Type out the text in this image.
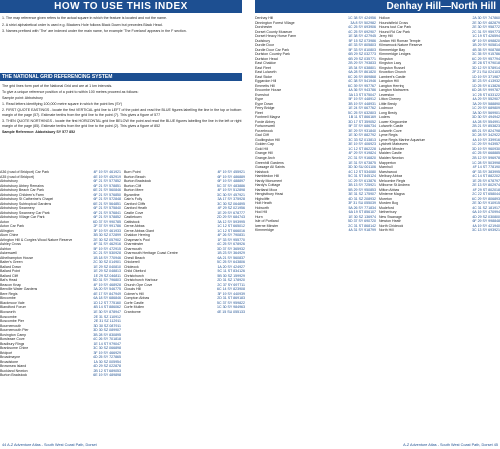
HOW TO USE THIS INDEX

1. The map reference given refers to the actual square in which the feature is located and not the name.

2. A strict alphabetical order is used e.g. Blackers Hole follows Black Down but precedes Black Head.

3. Names prefixed with 'The' are indexed under the main name, for example 'The Foreland' appears in the F section.

THE NATIONAL GRID REFERENCING SYSTEM

The grid lines form part of the National Grid and are at 1 km intervals.

To give a unique reference position of a point to within 100 metres proceed as follows:

Sample point: Abbotsbury

1. Read letters identifying 100,000 metre square in which the point lies (SY)

2. FIRST QUOTE EASTINGS - locate the first VERTICAL grid line to LEFT of the point and read the BLUE figures labelling the line in the top or bottom margin of the page (57). Estimate tenths from the grid line to the point (7). This gives a figure of 577

3. THEN QUOTE NORTHINGS - locate the first HORIZONTAL grid line BELOW the point and read the BLUE figures labelling the line in the left or right margin of the page (85). Estimate tenths from the grid line to the point (2). This gives a figure of 852

Sample Reference: Abbotsbury SY 577 852

A36 (road of Bridport) Car Park	4F 19 SY 461921
A35 (road of Bridport)	4E 19 SY 452919
Abbotsbury	6F 21 SY 577852
Abbotsbury Abbey Remains	6F 21 SY 578851
Abbotsbury Beach Car Park	6E 21 SY 560846
Abbotsbury Children's Farm	6F 21 SY 576850
Abbotsbury St Catherine's Chapel	6F 21 SY 572848
Abbotsbury Subtropical Gardens	6E 21 SY 564851
Abbotsbury Swannery	6F 21 SY 575840
Abbotsbury Swannery Car Park	6F 21 SY 576841
Abbotsbury Village Car Park	6F 21 SY 578852
Acton	6D 37 SY 990785
Acton Car Park	2F 37 SY 991786
Allington	3F 19 SY 461933
Alum Chine	3B 30 SZ 072899
Arlington Hill & Corgies Wood Nature Reserve	2E 30 SZ 057902
Ashley Cross	4F 31 SY 462916
Ashton	5F 19 SY 472915
Askerswell	3C 21 SY 530928
Athelhampton House	1B 18 SY 770946
Baiter's Green	2C 30 SZ 014901
Ballard Down	1E 29 SZ 040810
Ballard Point	1E 29 SZ 048813
Ballard Cliff	1E 29 SZ 046811
Bat's Head	5D 31 SY 796803
Beacon Knap	4F 19 SY 468928
Benville Water Gardens	3A 20 SY 546775
Bere Regis	4E 17 SY 847949
Bincombe	6A 18 SY 686846
Blackmoor Vale	1D 12 ST 775160
Blandford Forum	4B 14 ST 886062
Bloxworth	1E 30 SY 878947
Boscombe	2E 31 SZ 110912
Boscombe Pier	2E 31 SZ 112911
Bournemouth	3D 30 SZ 087911
Bournemouth Pier	3D 30 SZ 089907
Bovington Camp	3B 28 SY 830895
Bowleaze Cove	4C 26 SY 701818
Bradbury Rings	1E 14 ST 979047
Branksome Chine	3C 30 SZ 066898
Bridport	3F 19 SY 466929
Broadmayne	4D 25 SY 727865
Broadstone	1A 30 SZ 005954
Brownsea Island	4D 29 SZ 022878
Buckland Newton	2B 12 ST 689053
Burton Bradstock	6E 19 SY 489898
Burn Point	4F 19 SY 455921
Burton Beach	6F 19 SY 486889
Burton Bradstock	6F 19 SY 488897
Burton Cliff	5C 37 SY 483886
Burton Mere	4F 19 SY 512898
Byzantine	3C 30 SY 457921
Cain's Folly	3A 17 SY 375928
Canford Cliffs	3C 30 SZ 064895
Canford Heath	4F 29 SZ 021956
Castle Cove	1E 29 SY 678777
Castletown	2D 29 SY 684743
Cattistock	3A 12 SY 593995
Cerne Abbas	1C 12 ST 665012
Cerne Abbas Giant	1C 12 ST 666016
Chaldon Herring	4F 26 SY 790831
Chapman's Pool	1F 33 SY 955770
Charminster	4C 25 SY 678926
Charmouth	3D 37 SY 365932
Charmouth Heritage Coast Centre	1B 23 SY 364929
Chesil Beach	6A 21 SY 560837
Chickerell	5C 25 SY 643806
Chideock	1A 20 SY 424927
Child Okeford	5C 11 ST 834126
Christchurch	5B 30 SZ 159929
Christchurch Harbour	2D 31 SZ 178920
Church Ope Cove	2C 37 SY 697711
Clouds Hill	6C 14 SY 823908
Colmer's Hill	3F 19 SY 440939
Compton Abbas	2D 31 ST 869183
Corfe Castle	5C 37 SY 959822
Corfe Mullen	1C 30 SY 984963
Cranborne	4E 15 SU 055133
44 A-Z Adventure Atlas - South West Coast Path, Dorset
Denhay Hill—North Hill
Denhay Hill	1C 38 SY 424956
Dinnington Forest Village	3A 8 SY 502982
Dorchester	4C 25 SY 693906
Dorset County Museum	4C 25 SY 692907
Dorset Heavy Horse Farm	1E 38 SY 427945
Dudsbury	5F 15 SZ 073986
Durdle Door	4E 33 SY 805803
Durdle Door Car Park	5F 33 SY 810803
Durlston Country Park	6B 29 SZ 032773
Durlston Head	6B 29 SZ 035771
East Chaldon	2B 29 SY 793833
East Fleet	1B 34 SY 638801
East Lulworth	6A 28 SY 861820
East Stoke	6C 26 SY 869868
Eggardon Hill	4C 38 SY 541946
Emmetts Hill	6C 39 SY 957767
Encombe House	4A 36 SY 943786
Evershot	3A 13 ST 575047
Eype	5F 19 SY 448912
Eype Down	3B 19 SY 448931
Ferry Bridge	1E 24 SY 667762
Fleet	5C 25 SY 632803
Fontmell Magna	1B 11 ST 866169
Forde Abbey	3D 17 ST 359052
Fortuneswell	5F 37 SY 686734
Furzebrook	3E 29 SY 931840
Gad Cliff	1E 30 SY 882792
Godlingston Hill	3C 33 SZ 013813
Golden Cap	3E 19 SY 406923
Gold Hill	1C 12 ST 862228
Grange Hill	4F 29 SY 919824
Grange Arch	2C 31 SY 916820
Greenhill Gardens	1E 31 SY 673875
Gussage All Saints	3D 30 SU 001106
Halstock	4C 12 ST 534080
Hambledon Hill	5C 31 ST 845124
Hardy Monument	1C 29 SY 613876
Hardy's Cottage	3B 13 SY 725921
Hartland Moor	5B 29 SY 950853
Hengistbury Head	3E 31 SZ 175907
Highcliffe	4D 31 SZ 208932
Holt Heath	3F 31 SU 055039
Holworth	5A 26 SY 771834
Hod Hill	6A 19 ST 856107
Hurn	1E 30 SZ 136974
Isle of Portland	5D 37 SY 690720
Iwerne Minster	2C 31 ST 868142
Kimmeridge	4A 31 SY 918799
Hollow	2A 30 SY 747860
Houndsfield Cross	2E 30 SY 482879
Houns tout Car Park	2E 30 SY 958772
Hound Rd Car Park	2C 31 SY 959773
Jerry Hill	1C 19 ST 426594
Jordan Hill Roman Temple	6F 19 SY 698820
Kilmarnock Nature Reserve	1B 29 SY 905814
Kimmeridge Bay	4B 35 SY 908788
Kimmeridge Ledges	3C 35 SY 915786
Kingston	6C 29 SY 957794
Kingston Lacy	2E 28 ST 979018
Kingston Russell	3D 12 SY 578914
Knowlton Church	2F 21 SU 024103
Lambert's Castle	1D 19 SY 371987
Langdon Hill	3E 23 SY 413932
Langton Herring	1D 25 SY 613826
Langton Matravers	6D 28 SY 999787
Leweston	1C 25 ST 633122
Litton Cheney	4A 29 SY 552907
Little Bredy	3A 29 SY 588890
Lodmoor	1C 29 SY 689809
Long Bredy	3A 30 SY 569901
Loders	3D 30 SY 494942
Lower Kingcombe	4A 28 SY 554991
Lulworth Castle	2B 21 SY 853823
Lulworth Cove	6B 21 SY 824798
Lyme Regis	3C 28 SY 342922
Lyme Regis Marine Aquarium	4A 19 SY 339916
Lytchett Matravers	1C 29 SY 943957
Lytchett Minster	3D 19 SY 960930
Maiden Castle	4C 25 SY 668885
Maiden Newton	2B 12 SY 596978
Mapperton	1C 28 SY 503998
Marnhull	4F 14 ST 778190
Marshwood	6F 33 SY 383995
Melbury Abbas	4C 14 ST 882202
Melcombe Regis	1E 25 SY 678797
Milborne St Andrew	2E 13 SY 802974
Milton Abbas	4F 29 ST 802018
Minterne Magna	2C 22 ST 658044
Moreton	6C 29 SY 806893
Morden Bog	2E 30 SY 910915
Mudeford	4C 31 SZ 181917
Netherbury	6A 19 SY 470994
New Swanage	4D 29 SZ 030800
Newton Heath	6F 29 SY 998848
North Chideock	4A 19 SY 421940
North Hill	3C 13 SY 693921
A-Z Adventure Atlas - South West Coast Path, Dorset 45
